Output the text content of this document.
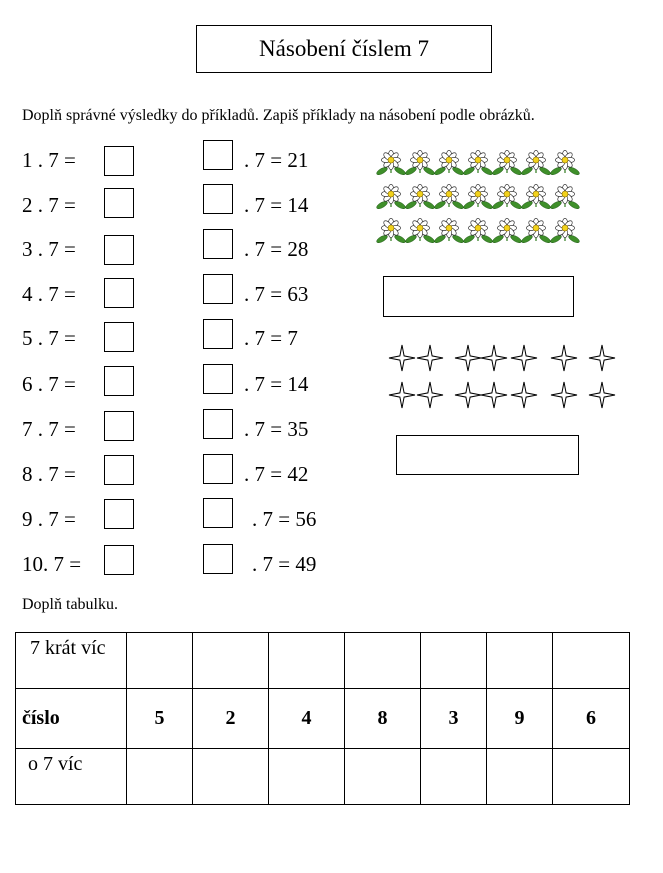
Násobení číslem 7
Doplň správné výsledky do příkladů. Zapiš příklady na násobení podle obrázků.
1 . 7 =
2 . 7 =
3 . 7 =
4 . 7 =
5 . 7 =
6 . 7 =
7 . 7 =
8 . 7 =
9 . 7 =
10. 7 =
. 7 = 21
. 7 = 14
. 7 = 28
. 7 = 63
. 7 = 7
. 7 = 14
. 7 = 35
. 7 = 42
. 7 = 56
. 7 = 49
Doplň tabulku.
7 krát víc							

číslo	5	2	4	8	3	9	6

o 7 víc							
